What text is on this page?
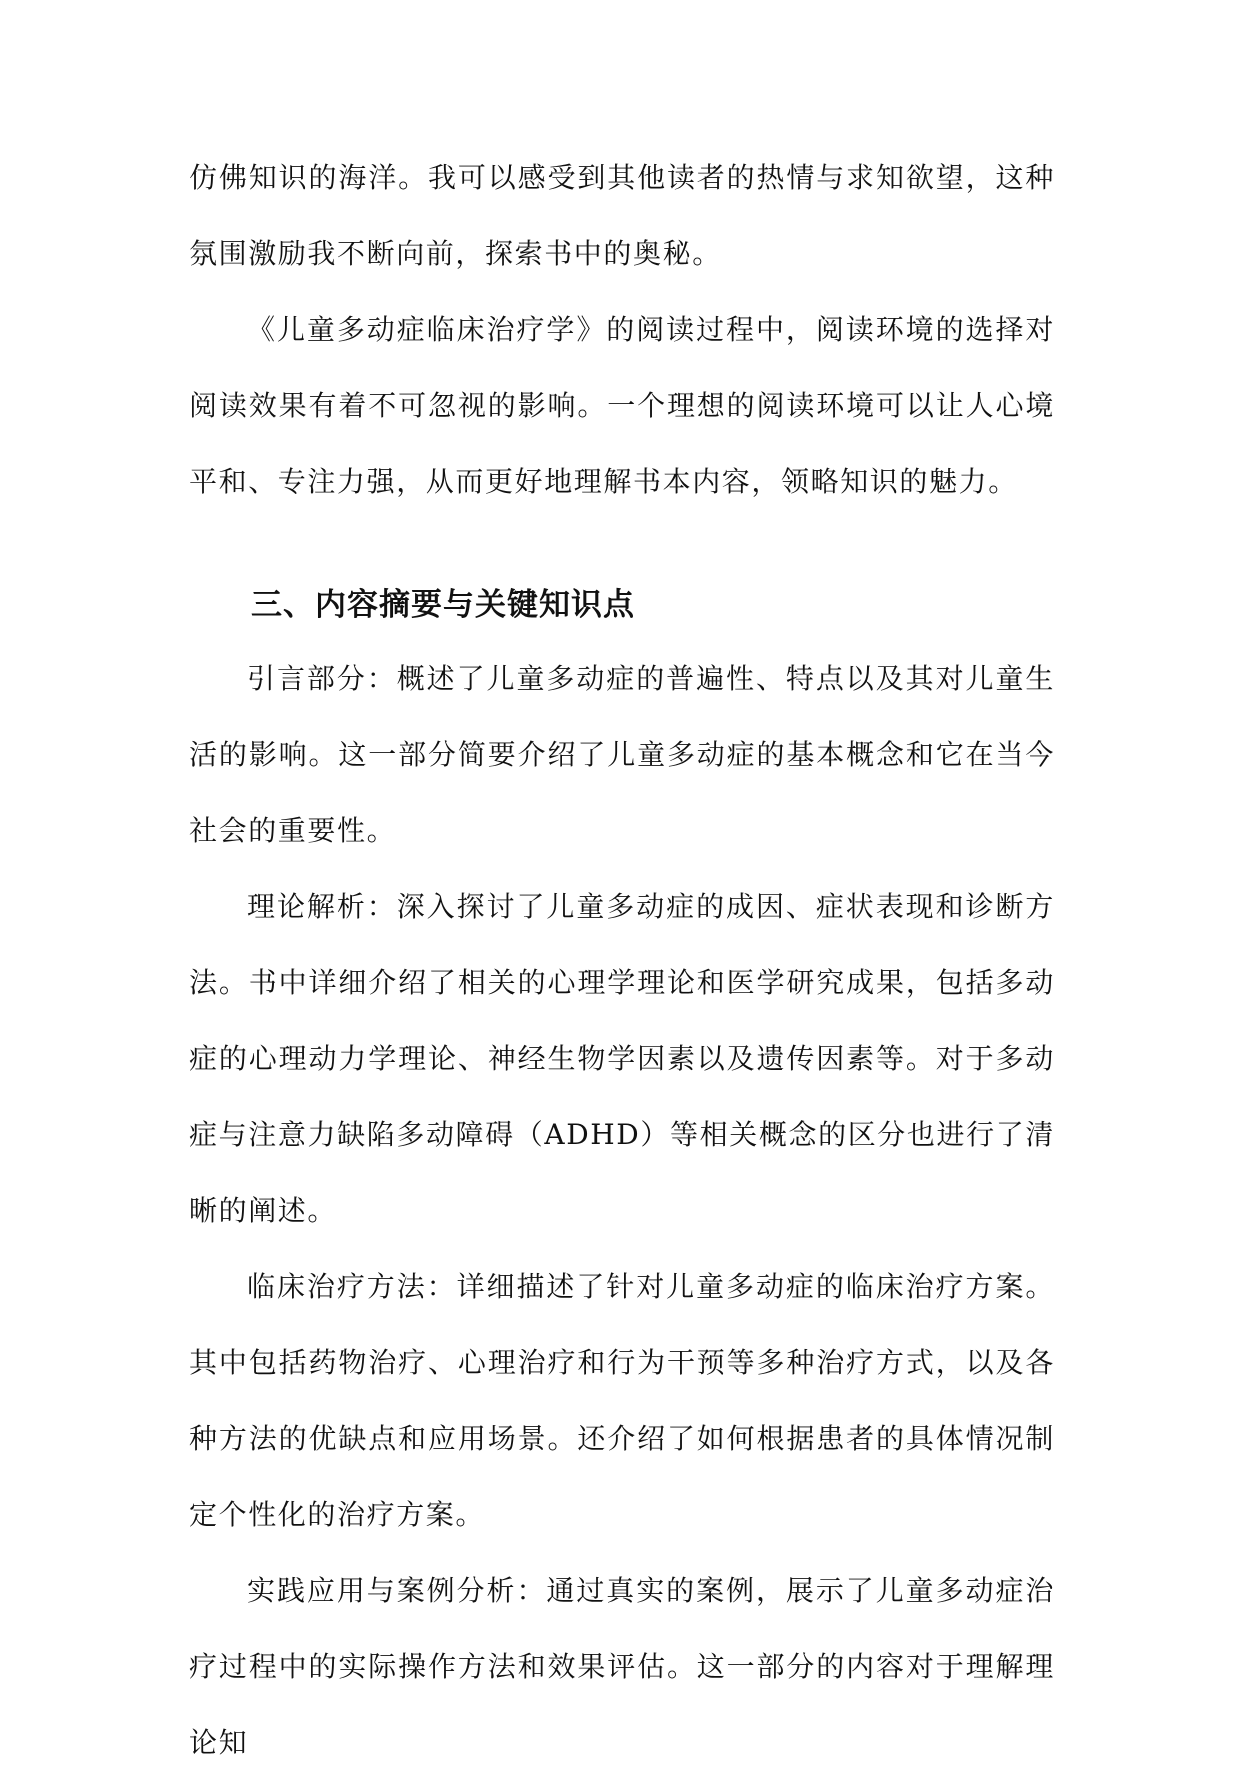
仿佛知识的海洋。我可以感受到其他读者的热情与求知欲望，这种氛围激励我不断向前，探索书中的奥秘。

《儿童多动症临床治疗学》的阅读过程中，阅读环境的选择对阅读效果有着不可忽视的影响。一个理想的阅读环境可以让人心境平和、专注力强，从而更好地理解书本内容，领略知识的魅力。

三、内容摘要与关键知识点

引言部分：概述了儿童多动症的普遍性、特点以及其对儿童生活的影响。这一部分简要介绍了儿童多动症的基本概念和它在当今社会的重要性。

理论解析：深入探讨了儿童多动症的成因、症状表现和诊断方法。书中详细介绍了相关的心理学理论和医学研究成果，包括多动症的心理动力学理论、神经生物学因素以及遗传因素等。对于多动症与注意力缺陷多动障碍（ADHD）等相关概念的区分也进行了清晰的阐述。

临床治疗方法：详细描述了针对儿童多动症的临床治疗方案。其中包括药物治疗、心理治疗和行为干预等多种治疗方式，以及各种方法的优缺点和应用场景。还介绍了如何根据患者的具体情况制定个性化的治疗方案。

实践应用与案例分析：通过真实的案例，展示了儿童多动症治疗过程中的实际操作方法和效果评估。这一部分的内容对于理解理论知
